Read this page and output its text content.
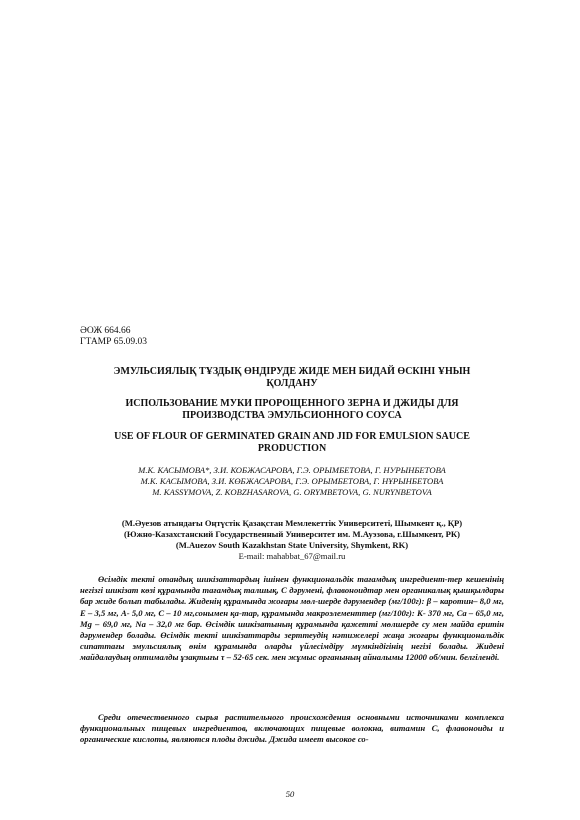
ӘОЖ 664.66
ГТАМР 65.09.03
ЭМУЛЬСИЯЛЫҚ ТҰЗДЫҚ ӨНДІРУДЕ ЖИДЕ МЕН БИДАЙ ӨСКІНІ ҰНЫН ҚОЛДАНУ
ИСПОЛЬЗОВАНИЕ МУКИ ПРОРОЩЕННОГО ЗЕРНА И ДЖИДЫ ДЛЯ ПРОИЗВОДСТВА ЭМУЛЬСИОННОГО СОУСА
USE OF FLOUR OF GERMINATED GRAIN AND JID FOR EMULSION SAUCE PRODUCTION
М.К. КАСЫМОВА*, З.И. КОБЖАСАРОВА, Г.Э. ОРЫМБЕТОВА, Г. НУРЫНБЕТОВА
М.К. КАСЫМОВА, З.И. КӨБЖАСАРОВА, Г.Э. ОРЫМБЕТОВА, Г. НҰРЫНБЕТОВА
M. KASSYMOVA, Z. KOBZHASAROVA, G. ORYMBETOVA, G. NURYNBETOVA
(М.Әуезов атындағы Оңтүстік Қазақстан Мемлекеттік Университеті, Шымкент қ., ҚР)
(Южно-Казахстанский Государственный Университет им. М.Ауэзова, г.Шымкент, РК)
(M.Auezov South Kazakhstan State University, Shymkent, RK)
E-mail: mahabbat_67@mail.ru

Өсімдік текті отандық шикізаттардың ішінен функциональдік тағамдық ингредиент-тер кешенінің негізгі шикізат көзі құрамында тағамдық талшық, С дәрумені, флавоноидтар мен органикалық қышқылдары бар жиде болып табылады. Жиденің құрамында жоғары мөл-шерде дәрумендер (мг/100г): β – каротин– 8,0 мг, Е – 3,5 мг, А- 5,0 мг, С – 10 мг,сонымен қа-тар, құрамында макроэлементтер (мг/100г): К- 370 мг, Са – 65,0 мг, Mg – 69,0 мг, Na – 32,0 мг бар. Өсімдік шикізатының құрамында қажетті мөлшерде су мен майда еритін дәрумендер болады. Өсімдік текті шикізаттарды зерттеудің нәтижелері жаңа жоғары функциональдік сипаттағы эмульсиялық өнім құрамында оларды үйлесімдіру мүмкіндігінің негізі болады. Жидені майдалаудың оптималды ұзақтығы τ – 52-65 сек. мен жұмыс органының айналымы 12000 об/мин. белгіленді.

Среди отечественного сырья растительного происхождения основными источниками комплекса функциональных пищевых ингредиентов, включающих пищевые волокна, витамин С, флавоноиды и органические кислоты, являются плоды джиды. Джида имеет высокое со-

50
